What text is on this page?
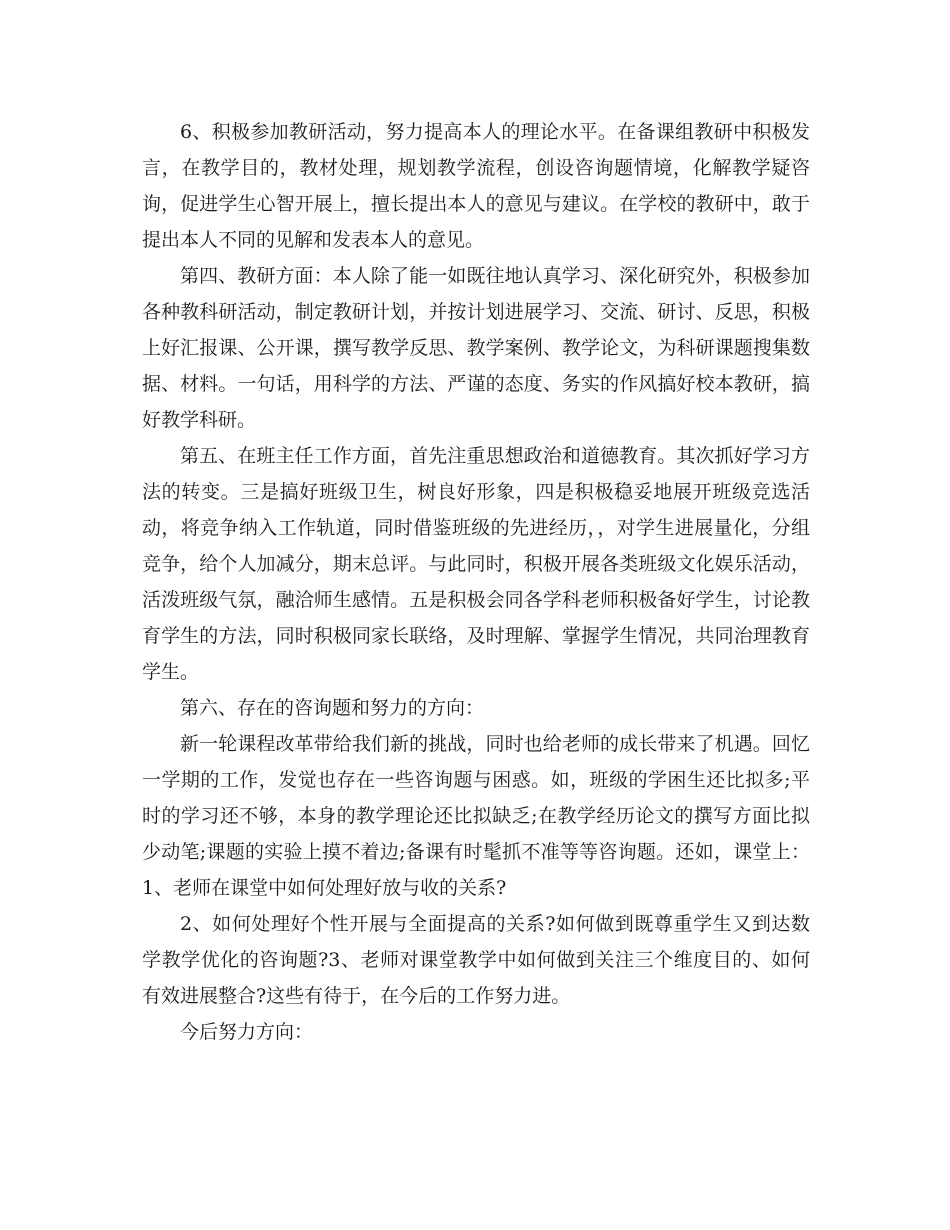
6、积极参加教研活动，努力提高本人的理论水平。在备课组教研中积极发言，在教学目的，教材处理，规划教学流程，创设咨询题情境，化解教学疑咨询，促进学生心智开展上，擅长提出本人的意见与建议。在学校的教研中，敢于提出本人不同的见解和发表本人的意见。

第四、教研方面：本人除了能一如既往地认真学习、深化研究外，积极参加各种教科研活动，制定教研计划，并按计划进展学习、交流、研讨、反思，积极上好汇报课、公开课，撰写教学反思、教学案例、教学论文，为科研课题搜集数据、材料。一句话，用科学的方法、严谨的态度、务实的作风搞好校本教研，搞好教学科研。

第五、在班主任工作方面，首先注重思想政治和道德教育。其次抓好学习方法的转变。三是搞好班级卫生，树良好形象，四是积极稳妥地展开班级竞选活动，将竞争纳入工作轨道，同时借鉴班级的先进经历，，对学生进展量化，分组竞争，给个人加减分，期末总评。与此同时，积极开展各类班级文化娱乐活动，活泼班级气氛，融洽师生感情。五是积极会同各学科老师积极备好学生，讨论教育学生的方法，同时积极同家长联络，及时理解、掌握学生情况，共同治理教育学生。

第六、存在的咨询题和努力的方向：

新一轮课程改革带给我们新的挑战，同时也给老师的成长带来了机遇。回忆一学期的工作，发觉也存在一些咨询题与困惑。如，班级的学困生还比拟多;平时的学习还不够，本身的教学理论还比拟缺乏;在教学经历论文的撰写方面比拟少动笔;课题的实验上摸不着边;备课有时髦抓不准等等咨询题。还如，课堂上：1、老师在课堂中如何处理好放与收的关系?

2、如何处理好个性开展与全面提高的关系?如何做到既尊重学生又到达数学教学优化的咨询题?3、老师对课堂教学中如何做到关注三个维度目的、如何有效进展整合?这些有待于，在今后的工作努力进。

今后努力方向：
